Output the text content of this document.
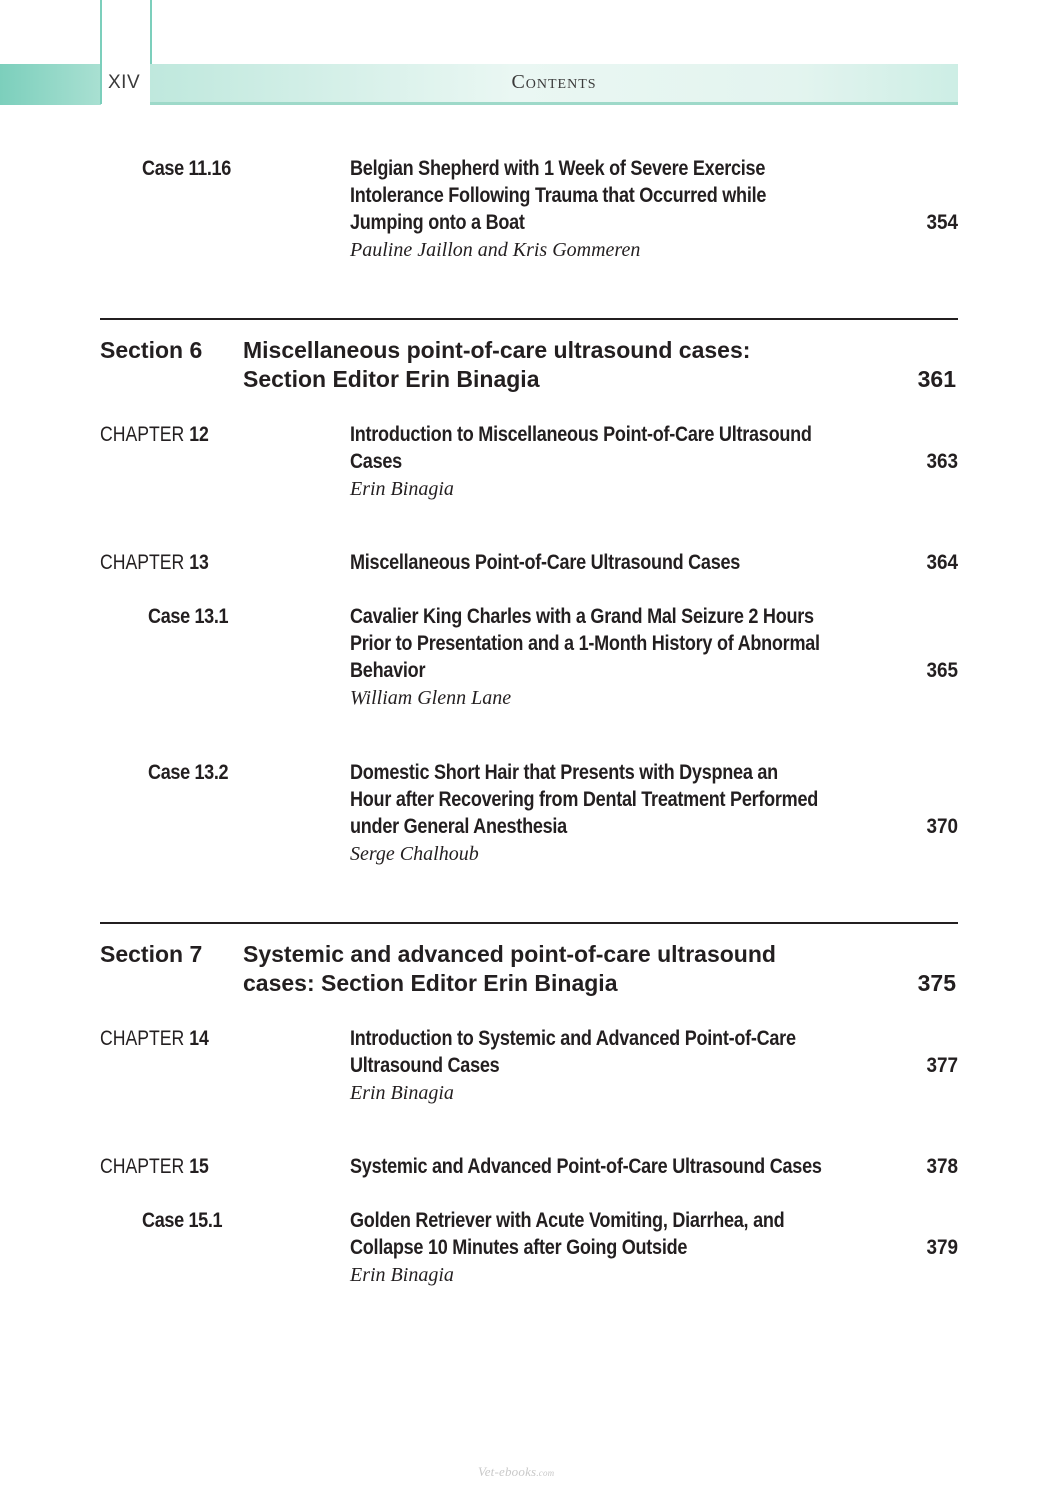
XIV	Contents
Case 11.16	Belgian Shepherd with 1 Week of Severe Exercise
Intolerance Following Trauma that Occurred while
Jumping onto a Boat	354
Pauline Jaillon and Kris Gommeren
Section 6 Miscellaneous point-of-care ultrasound cases:
Section Editor Erin Binagia	361
CHAPTER 12	Introduction to Miscellaneous Point-of-Care Ultrasound
Cases	363
Erin Binagia
CHAPTER 13	Miscellaneous Point-of-Care Ultrasound Cases	364
Case 13.1	Cavalier King Charles with a Grand Mal Seizure 2 Hours
Prior to Presentation and a 1-Month History of Abnormal
Behavior	365
William Glenn Lane
Case 13.2	Domestic Short Hair that Presents with Dyspnea an
Hour after Recovering from Dental Treatment Performed
under General Anesthesia	370
Serge Chalhoub
Section 7 Systemic and advanced point-of-care ultrasound
cases: Section Editor Erin Binagia	375
CHAPTER 14	Introduction to Systemic and Advanced Point-of-Care
Ultrasound Cases	377
Erin Binagia
CHAPTER 15	Systemic and Advanced Point-of-Care Ultrasound Cases	378
Case 15.1	Golden Retriever with Acute Vomiting, Diarrhea, and
Collapse 10 Minutes after Going Outside	379
Erin Binagia
Vet-ebooks.com
